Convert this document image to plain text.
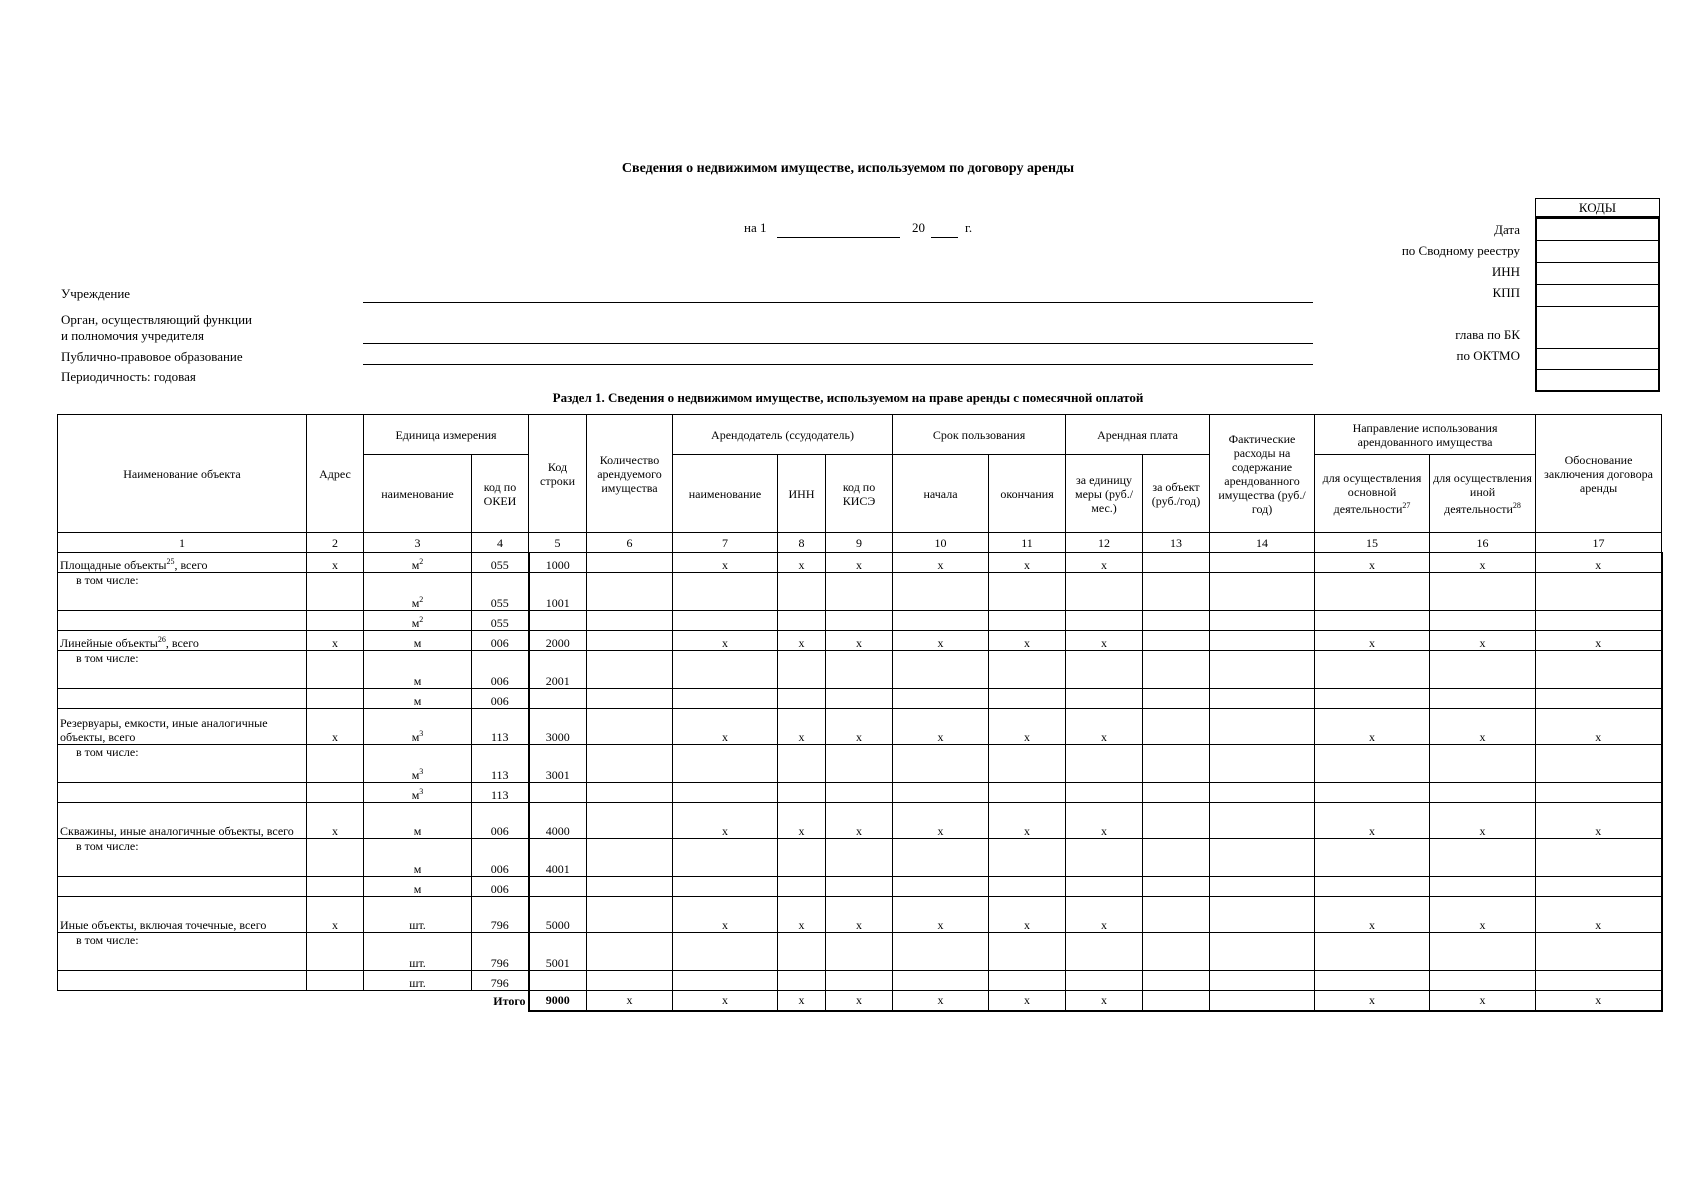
Сведения о недвижимом имуществе, используемом по договору аренды
на 1	20	г.
Учреждение
Орган, осуществляющий функции
и полномочия учредителя
Публично-правовое образование
Периодичность: годовая
Дата
по Сводному реестру
ИНН
КПП
глава по БК
по ОКТМО
КОДЫ
Раздел 1. Сведения о недвижимом имуществе, используемом на праве аренды с помесячной оплатой
Наименование объекта	Адрес	Единица измерения		Код строки	Количество арендуемого имущества	Арендодатель (ссудодатель)			Срок пользования		Арендная плата		Фактические расходы на содержание арендованного имущества (руб./год)	Направление использования арендованного имущества		Обоснование заключения договора аренды
		наименование	код по ОКЕИ			наименование	ИНН	код по КИСЭ	начала	окончания	за единицу меры (руб./мес.)	за объект (руб./год)		для осуществления основной деятельности$^{27}$	для осуществления иной деятельности$^{28}$
1	2	3	4	5	6	7	8	9	10	11	12	13	14	15	16	17
Площадные объекты$^{25}$, всего	х	$м^2$	055	1000		х	х	х	х	х	х			х	х	х
в том числе:		$м^2$	055	1001												
		$м^2$	055													
Линейные объекты$^{26}$, всего	х	м	006	2000		х	х	х	х	х	х			х	х	х
в том числе:		м	006	2001												
		м	006													
Резервуары, емкости, иные аналогичные объекты, всего	х	$м^3$	113	3000		х	х	х	х	х	х			х	х	х
в том числе:		$м^3$	113	3001												
		$м^3$	113													
Скважины, иные аналогичные объекты, всего	х	м	006	4000		х	х	х	х	х	х			х	х	х
в том числе:		м	006	4001												
		м	006													
Иные объекты, включая точечные, всего	х	шт.	796	5000		х	х	х	х	х	х			х	х	х
в том числе:		шт.	796	5001												
		шт.	796													
Итого				9000	х	х	х	х	х	х	х			х	х	х
